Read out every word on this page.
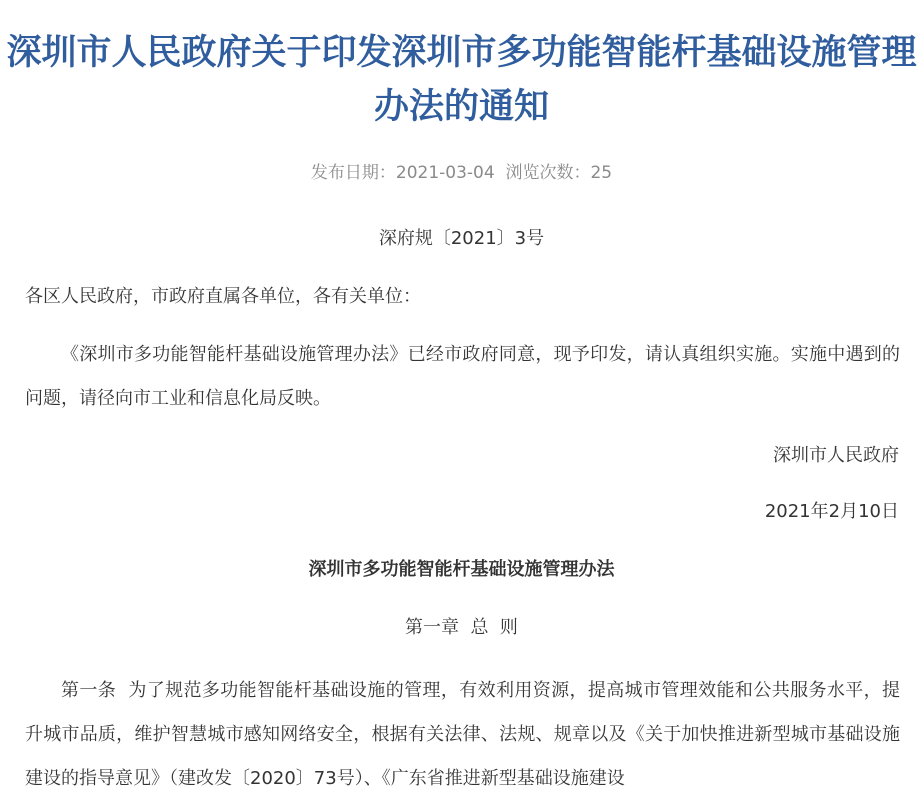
深圳市人民政府关于印发深圳市多功能智能杆基础设施管理办法的通知
发布日期：2021-03-04  浏览次数：25
深府规〔2021〕3号
各区人民政府，市政府直属各单位，各有关单位：
《深圳市多功能智能杆基础设施管理办法》已经市政府同意，现予印发，请认真组织实施。实施中遇到的问题，请径向市工业和信息化局反映。
深圳市人民政府
2021年2月10日
深圳市多功能智能杆基础设施管理办法
第一章  总  则
第一条  为了规范多功能智能杆基础设施的管理，有效利用资源，提高城市管理效能和公共服务水平，提升城市品质，维护智慧城市感知网络安全，根据有关法律、法规、规章以及《关于加快推进新型城市基础设施建设的指导意见》（建改发〔2020〕73号）、《广东省推进新型基础设施建设
